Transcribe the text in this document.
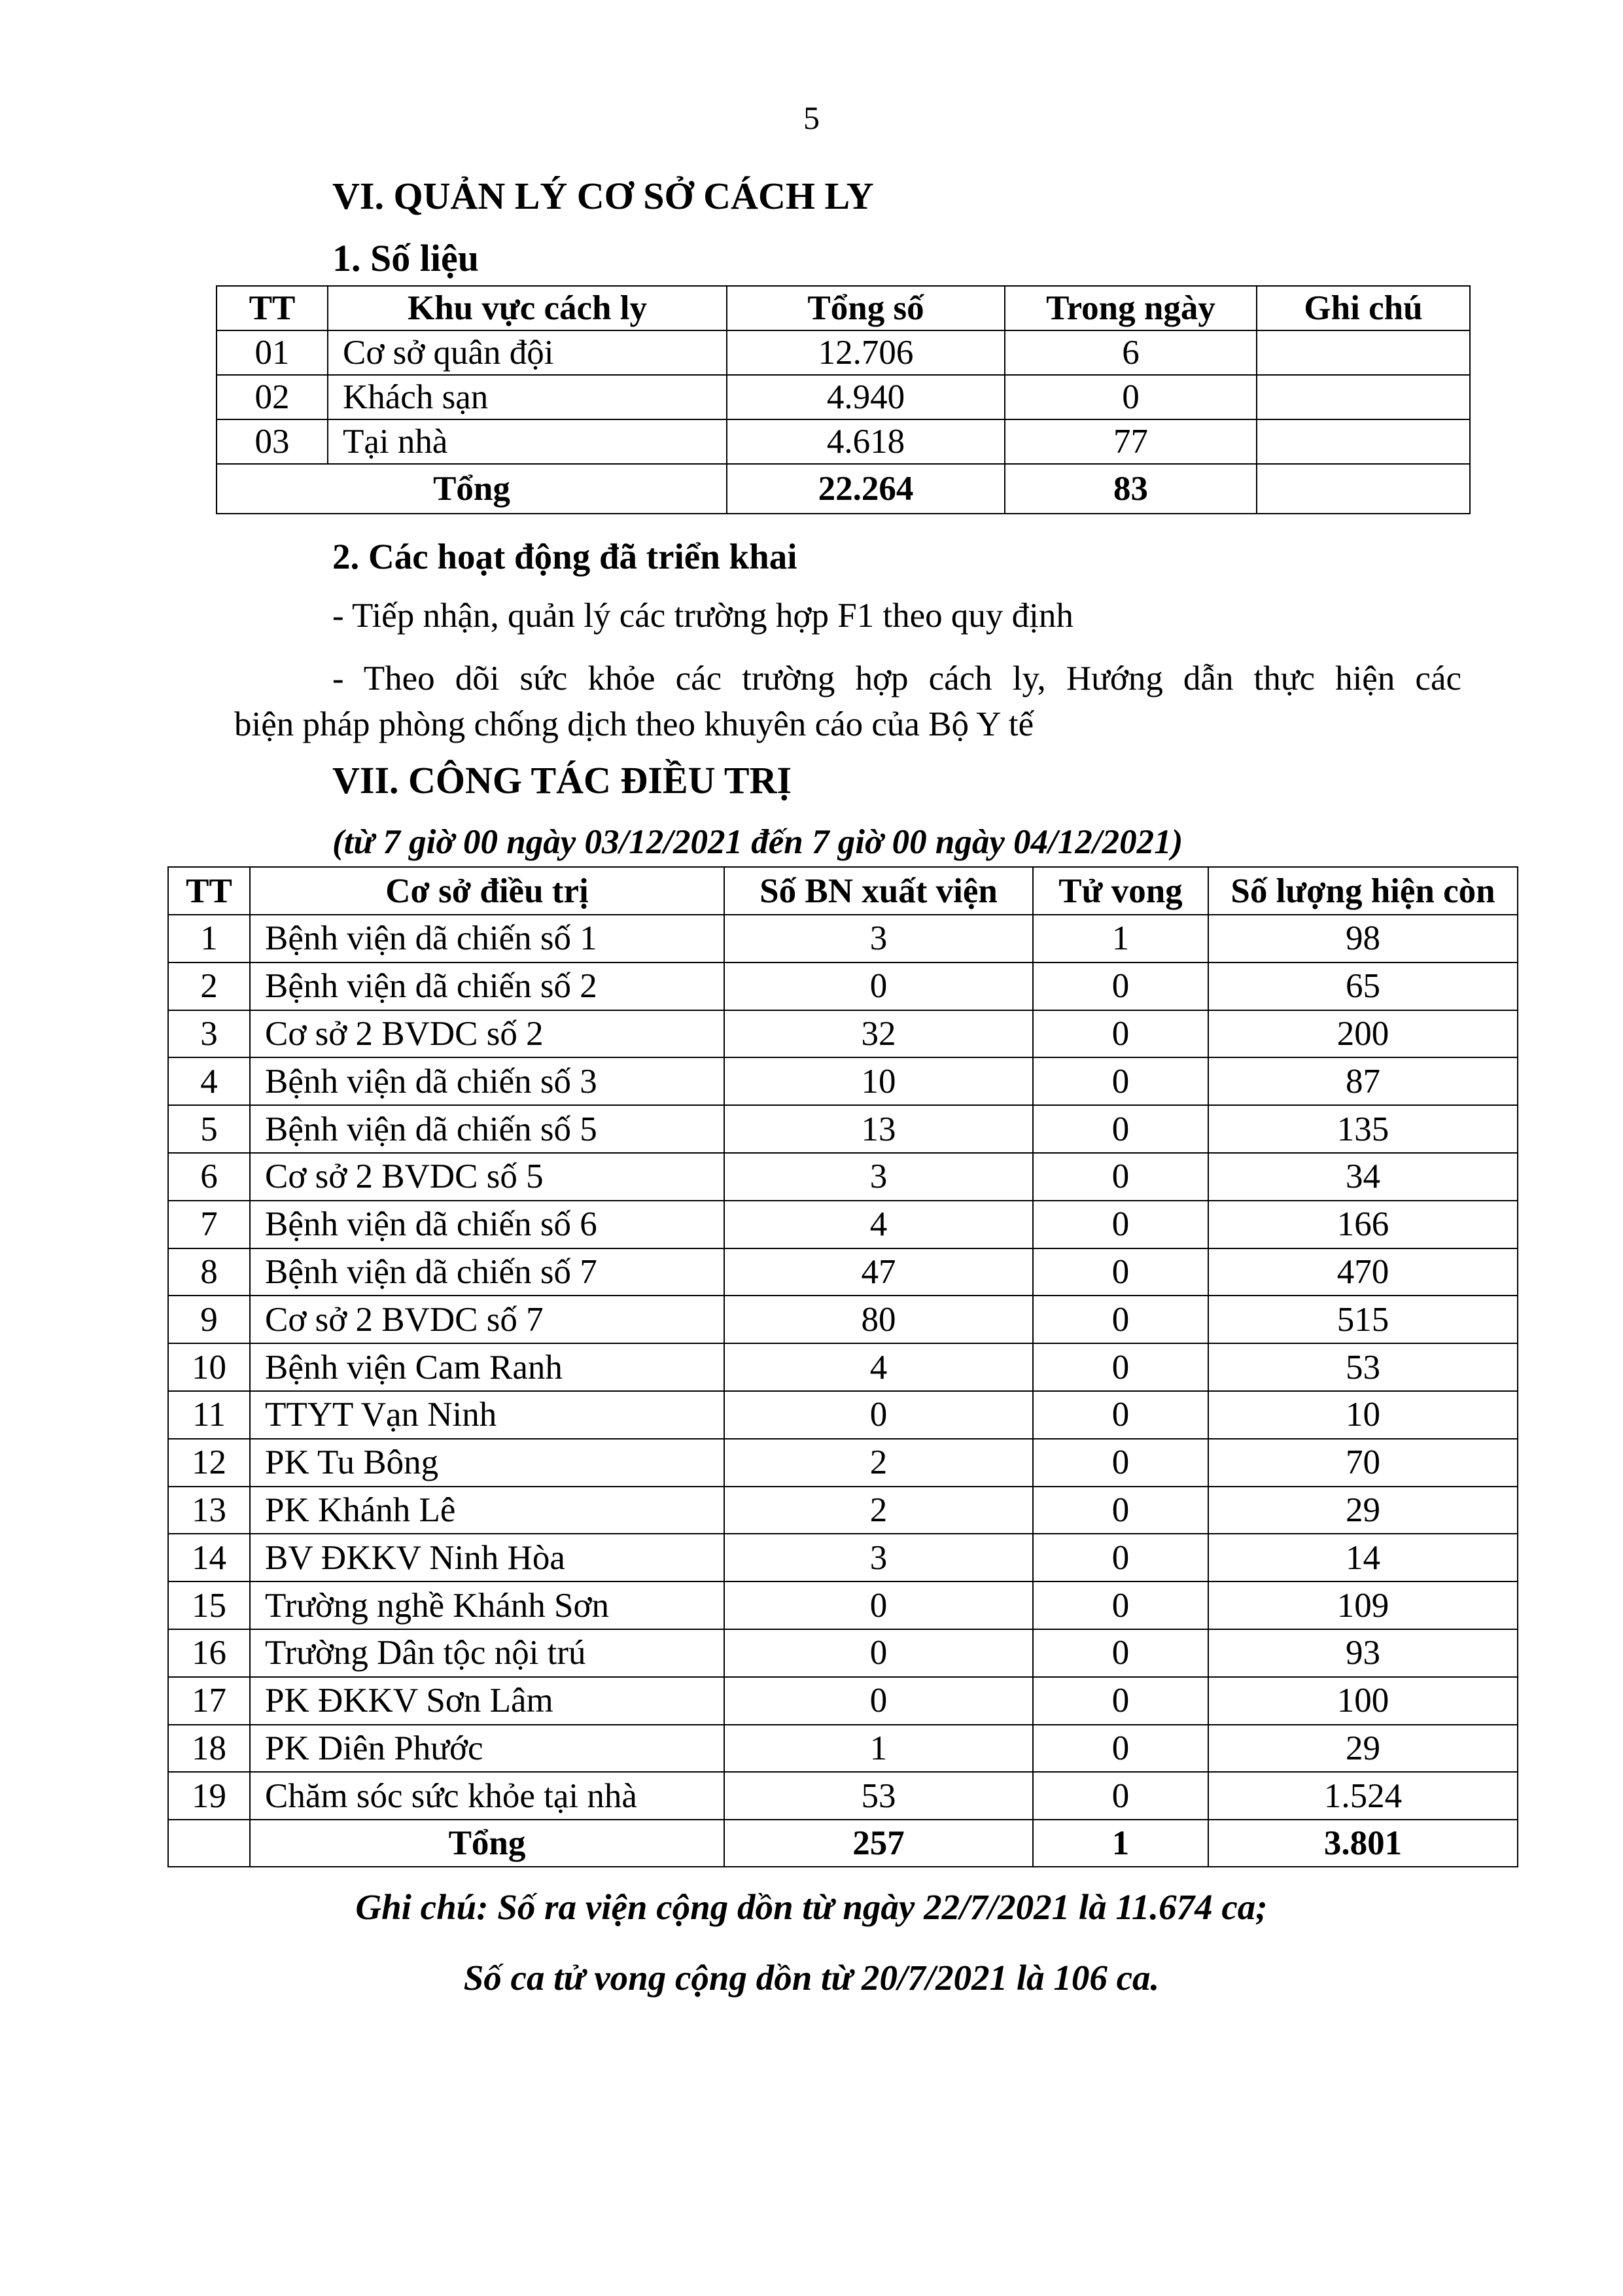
5
VI. QUẢN LÝ CƠ SỞ CÁCH LY
1. Số liệu
TT	Khu vực cách ly	Tổng số	Trong ngày	Ghi chú
01	Cơ sở quân đội	12.706	6	
02	Khách sạn	4.940	0	
03	Tại nhà	4.618	77	
Tổng		22.264	83	
2. Các hoạt động đã triển khai
- Tiếp nhận, quản lý các trường hợp F1 theo quy định
- Theo dõi sức khỏe các trường hợp cách ly, Hướng dẫn thực hiện các
biện pháp phòng chống dịch theo khuyên cáo của Bộ Y tế
VII. CÔNG TÁC ĐIỀU TRỊ
(từ 7 giờ 00 ngày 03/12/2021 đến 7 giờ 00 ngày 04/12/2021)
TT	Cơ sở điều trị	Số BN xuất viện	Tử vong	Số lượng hiện còn
1	Bệnh viện dã chiến số 1	3	1	98
2	Bệnh viện dã chiến số 2	0	0	65
3	Cơ sở 2 BVDC số 2	32	0	200
4	Bệnh viện dã chiến số 3	10	0	87
5	Bệnh viện dã chiến số 5	13	0	135
6	Cơ sở 2 BVDC số 5	3	0	34
7	Bệnh viện dã chiến số 6	4	0	166
8	Bệnh viện dã chiến số 7	47	0	470
9	Cơ sở 2 BVDC số 7	80	0	515
10	Bệnh viện Cam Ranh	4	0	53
11	TTYT Vạn Ninh	0	0	10
12	PK Tu Bông	2	0	70
13	PK Khánh Lê	2	0	29
14	BV ĐKKV Ninh Hòa	3	0	14
15	Trường nghề Khánh Sơn	0	0	109
16	Trường Dân tộc nội trú	0	0	93
17	PK ĐKKV Sơn Lâm	0	0	100
18	PK Diên Phước	1	0	29
19	Chăm sóc sức khỏe tại nhà	53	0	1.524
	Tổng	257	1	3.801
Ghi chú: Số ra viện cộng dồn từ ngày 22/7/2021 là 11.674 ca;
Số ca tử vong cộng dồn từ 20/7/2021 là 106 ca.
